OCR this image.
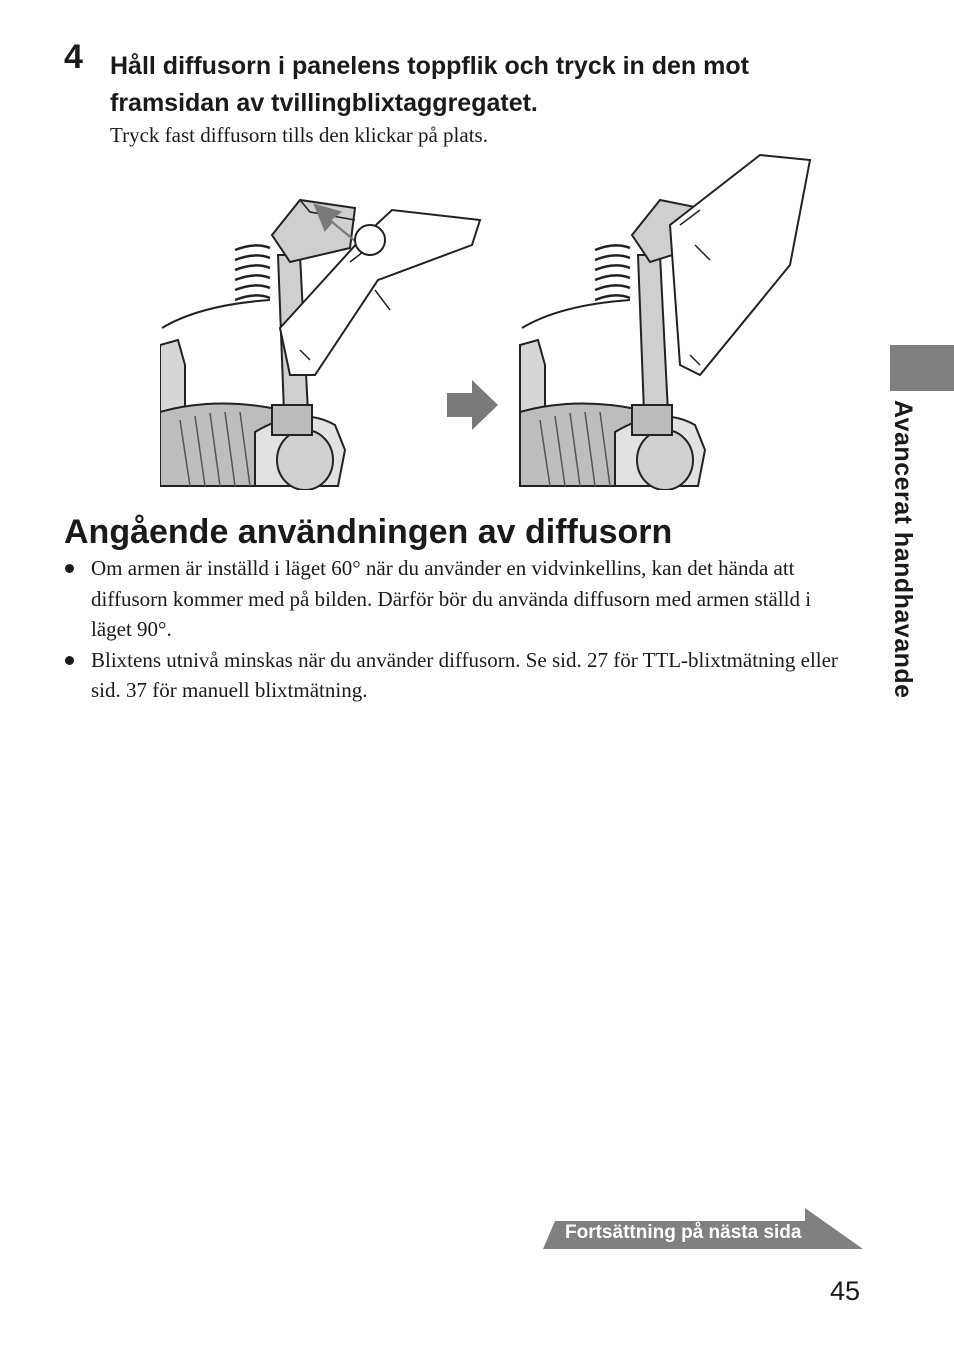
4 Håll diffusorn i panelens toppflik och tryck in den mot framsidan av tvillingblixtaggregatet.
Tryck fast diffusorn tills den klickar på plats.
Angående användningen av diffusorn
Om armen är inställd i läget 60° när du använder en vidvinkellins, kan det hända att diffusorn kommer med på bilden. Därför bör du använda diffusorn med armen ställd i läget 90°.
Blixtens utnivå minskas när du använder diffusorn. Se sid. 27 för TTL-blixtmätning eller sid. 37 för manuell blixtmätning.	Avancerat handhavande
Fortsättning på nästa sida
45
